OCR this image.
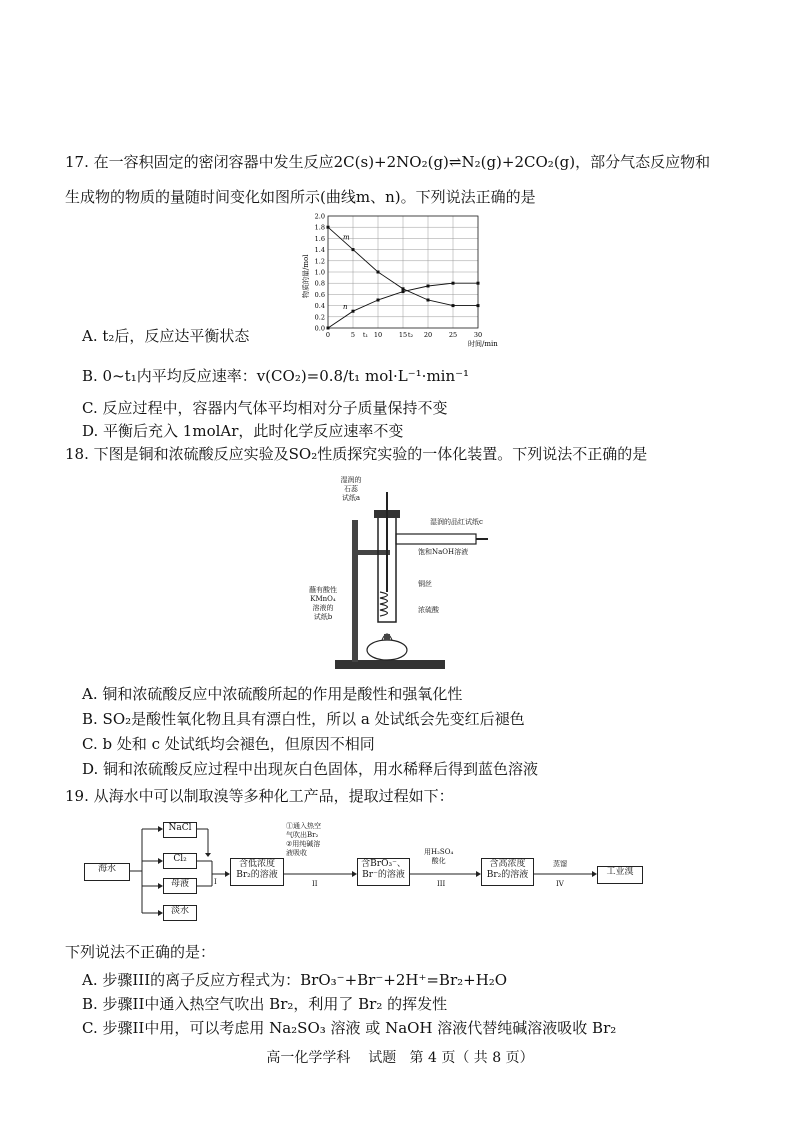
17. 在一容积固定的密闭容器中发生反应2C(s)+2NO₂(g)⇌N₂(g)+2CO₂(g)，部分气态反应物和
生成物的物质的量随时间变化如图所示(曲线m、n)。下列说法正确的是
0.0
0.2
0.4
0.6
0.8
1.0
1.2
1.4
1.6
1.8
2.0
0	5 t₁ 10	15 t₂ 20	25	30
m
n
物质的量/mol
时间/min
A. t₂后，反应达平衡状态
B. 0~t₁内平均反应速率：v(CO₂)=0.8/t₁ mol·L⁻¹·min⁻¹
C. 反应过程中，容器内气体平均相对分子质量保持不变
D. 平衡后充入 1molAr，此时化学反应速率不变
18. 下图是铜和浓硫酸反应实验及SO₂性质探究实验的一体化装置。下列说法不正确的是
湿润的
石蕊
试纸a
湿润的品红试纸c
饱和NaOH溶液
蘸有酸性
KMnO₄
溶液的
试纸b
铜丝
浓硫酸
A. 铜和浓硫酸反应中浓硫酸所起的作用是酸性和强氧化性
B. SO₂是酸性氧化物且具有漂白性，所以 a 处试纸会先变红后褪色
C. b 处和 c 处试纸均会褪色，但原因不相同
D. 铜和浓硫酸反应过程中出现灰白色固体，用水稀释后得到蓝色溶液
19. 从海水中可以制取溴等多种化工产品，提取过程如下：
海水
NaCl
Cl₂
母液
淡水
含低浓度
Br₂的溶液
①通入热空
气吹出Br₂
②用纯碱溶
液吸收
含BrO₃⁻、
Br⁻的溶液
用H₂SO₄
酸化	含高浓度
Br₂的溶液
蒸馏
工业溴
I	II	III	IV
下列说法不正确的是：
A. 步骤III的离子反应方程式为：BrO₃⁻+Br⁻+2H⁺=Br₂+H₂O
B. 步骤II中通入热空气吹出 Br₂，利用了 Br₂ 的挥发性
C. 步骤II中用，可以考虑用 Na₂SO₃ 溶液 或 NaOH 溶液代替纯碱溶液吸收 Br₂
高一化学学科    试题   第 4 页（ 共 8 页）
